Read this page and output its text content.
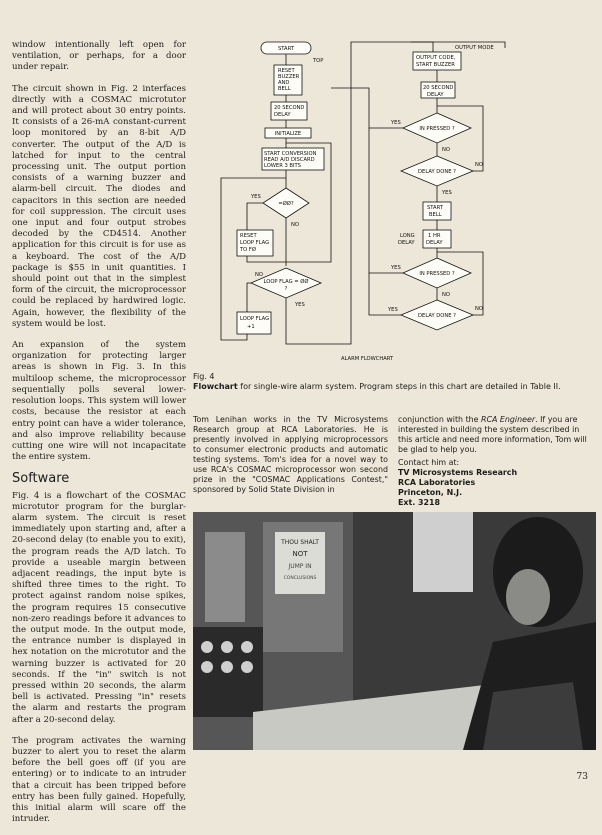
window intentionally left open for ventilation, or perhaps, for a door under repair.

The circuit shown in Fig. 2 interfaces directly with a COSMAC microtutor and will protect about 30 entry points. It consists of a 26-mA constant-current loop monitored by an 8-bit A/D converter. The output of the A/D is latched for input to the central processing unit. The output portion consists of a warning buzzer and alarm-bell circuit. The diodes and capacitors in this section are needed for coil suppression. The circuit uses one input and four output strobes decoded by the CD4514. Another application for this circuit is for use as a keyboard. The cost of the A/D package is $55 in unit quantities. I should point out that in the simplest form of the circuit, the microprocessor could be replaced by hardwired logic. Again, however, the flexibility of the system would be lost.

An expansion of the system organization for protecting larger areas is shown in Fig. 3. In this multiloop scheme, the microprocessor sequentially polls several lower-resolution loops. This system will lower costs, because the resistor at each entry point can have a wider tolerance, and also improve reliability because cutting one wire will not incapacitate the entire system.

Software

Fig. 4 is a flowchart of the COSMAC microtutor program for the burglar-alarm system. The circuit is reset immediately upon starting and, after a 20-second delay (to enable you to exit), the program reads the A/D latch. To provide a useable margin between adjacent readings, the input byte is shifted three times to the right. To protect against random noise spikes, the program requires 15 consecutive non-zero readings before it advances to the output mode. In the output mode, the entrance number is displayed in hex notation on the microtutor and the warning buzzer is activated for 20 seconds. If the "in" switch is not pressed within 20 seconds, the alarm bell is activated. Pressing "in" resets the alarm and restarts the program after a 20-second delay.

The program activates the warning buzzer to alert you to reset the alarm before the bell goes off (if you are entering) or to indicate to an intruder that a circuit has been tripped before entry has been fully gained. Hopefully, this initial alarm will scare off the intruder.

START
TOP
RESET
BUZZER
AND
BELL
20 SECOND
DELAY
INITIALIZE
START CONVERSION
READ A/D DISCARD
LOWER 3 BITS
=ØØ?
YES
NO
RESET
LOOP FLAG
TO FØ
LOOP FLAG = ØØ
?
NO
YES
LOOP FLAG
+1
OUTPUT MODE
OUTPUT CODE,
START BUZZER
20 SECOND
DELAY
IN PRESSED ?
YES
NO
DELAY DONE ?
NO
YES
START
BELL
LONG
DELAY
1 HR
DELAY
IN PRESSED ?
YES
NO
DELAY DONE ?
NO
YES
ALARM FLOWCHART
Fig. 4
Flowchart for single-wire alarm system. Program steps in this chart are detailed in Table II.

Tom Lenihan works in the TV Microsystems Research group at RCA Laboratories. He is presently involved in applying microprocessors to consumer electronic products and automatic testing systems. Tom's idea for a novel way to use RCA's COSMAC microprocessor won second prize in the "COSMAC Applications Contest," sponsored by Solid State Division in

conjunction with the RCA Engineer. If you are interested in building the system described in this article and need more information, Tom will be glad to help you.

Contact him at:

TV Microsystems Research
RCA Laboratories
Princeton, N.J.
Ext. 3218
THOU SHALT
NOT
JUMP IN
CONCLUSIONS
73
